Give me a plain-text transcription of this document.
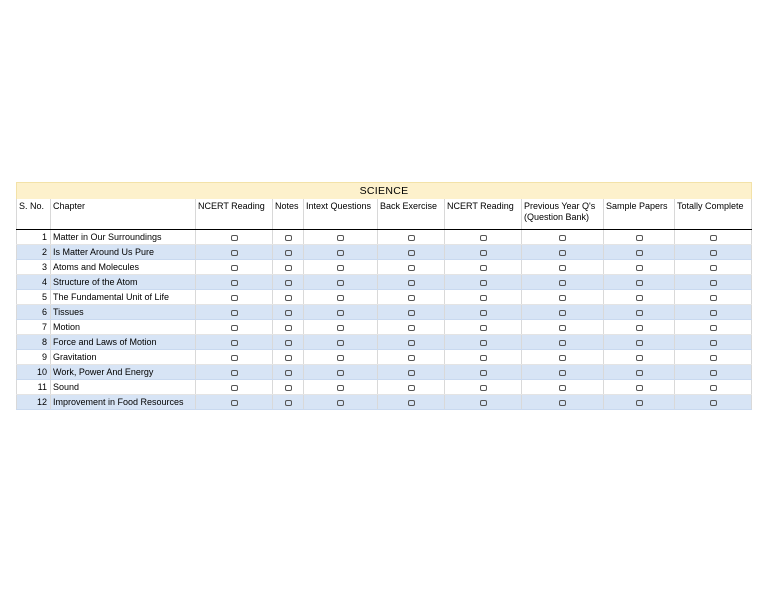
SCIENCE									
S. No.	Chapter	NCERT Reading	Notes	Intext Questions	Back Exercise	NCERT Reading	Previous Year Q's (Question Bank)	Sample Papers	Totally Complete
1	Matter in Our Surroundings								
2	Is Matter Around Us Pure								
3	Atoms and Molecules								
4	Structure of the Atom								
5	The Fundamental Unit of Life								
6	Tissues								
7	Motion								
8	Force and Laws of Motion								
9	Gravitation								
10	Work, Power And Energy								
11	Sound								
12	Improvement in Food Resources								
